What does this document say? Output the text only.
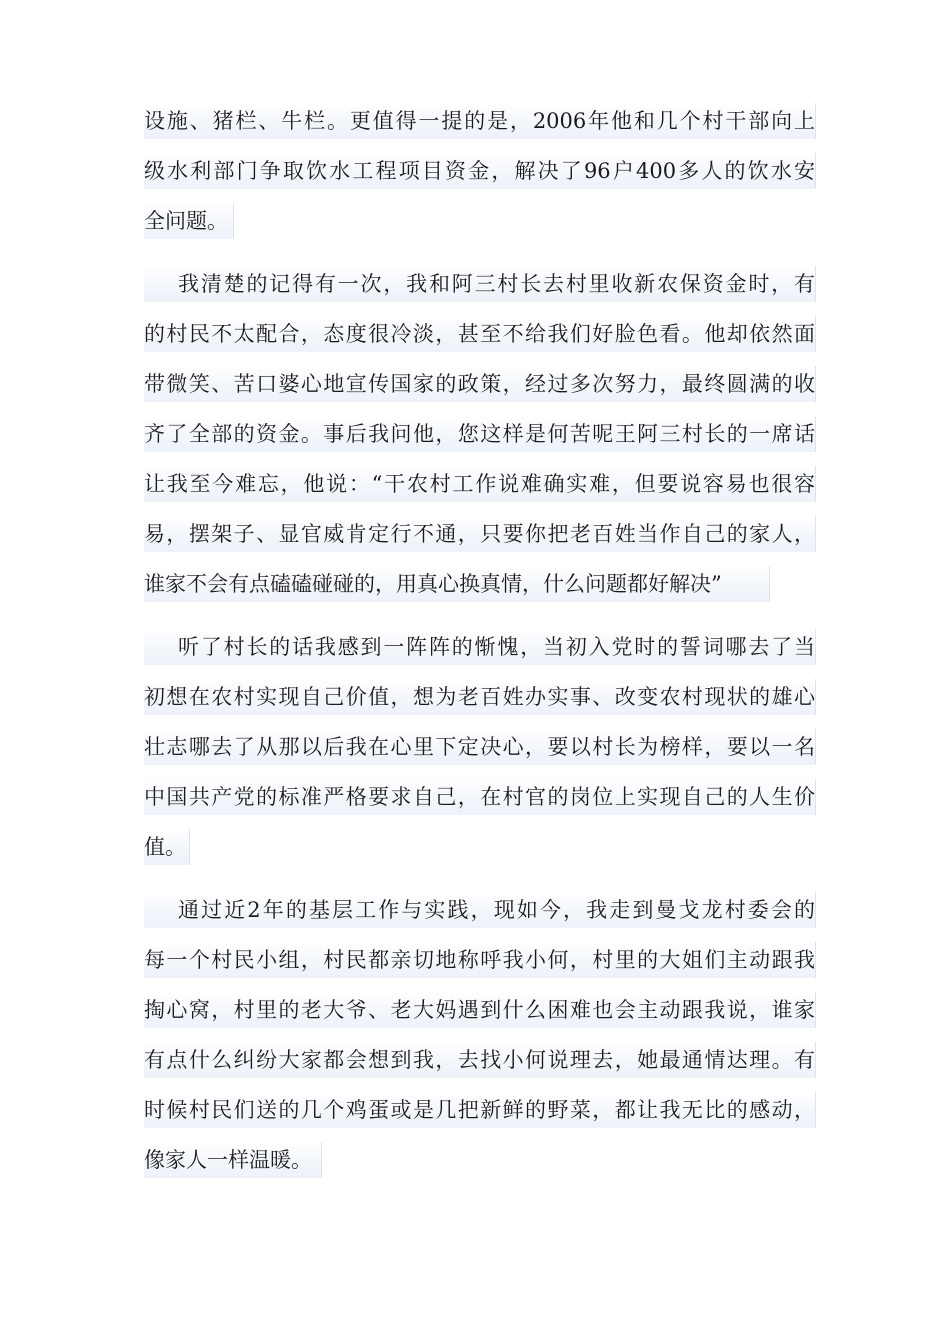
设施、猪栏、牛栏。更值得一提的是，2006年他和几个村干部向上
级水利部门争取饮水工程项目资金，解决了96户400多人的饮水安
全问题。
我清楚的记得有一次，我和阿三村长去村里收新农保资金时，有
的村民不太配合，态度很冷淡，甚至不给我们好脸色看。他却依然面
带微笑、苦口婆心地宣传国家的政策，经过多次努力，最终圆满的收
齐了全部的资金。事后我问他，您这样是何苦呢王阿三村长的一席话
让我至今难忘，他说：“干农村工作说难确实难，但要说容易也很容
易，摆架子、显官威肯定行不通，只要你把老百姓当作自己的家人，
谁家不会有点磕磕碰碰的，用真心换真情，什么问题都好解决”
听了村长的话我感到一阵阵的惭愧，当初入党时的誓词哪去了当
初想在农村实现自己价值，想为老百姓办实事、改变农村现状的雄心
壮志哪去了从那以后我在心里下定决心，要以村长为榜样，要以一名
中国共产党的标准严格要求自己，在村官的岗位上实现自己的人生价
值。
通过近2年的基层工作与实践，现如今，我走到曼戈龙村委会的
每一个村民小组，村民都亲切地称呼我小何，村里的大姐们主动跟我
掏心窝，村里的老大爷、老大妈遇到什么困难也会主动跟我说，谁家
有点什么纠纷大家都会想到我，去找小何说理去，她最通情达理。有
时候村民们送的几个鸡蛋或是几把新鲜的野菜，都让我无比的感动，
像家人一样温暖。
